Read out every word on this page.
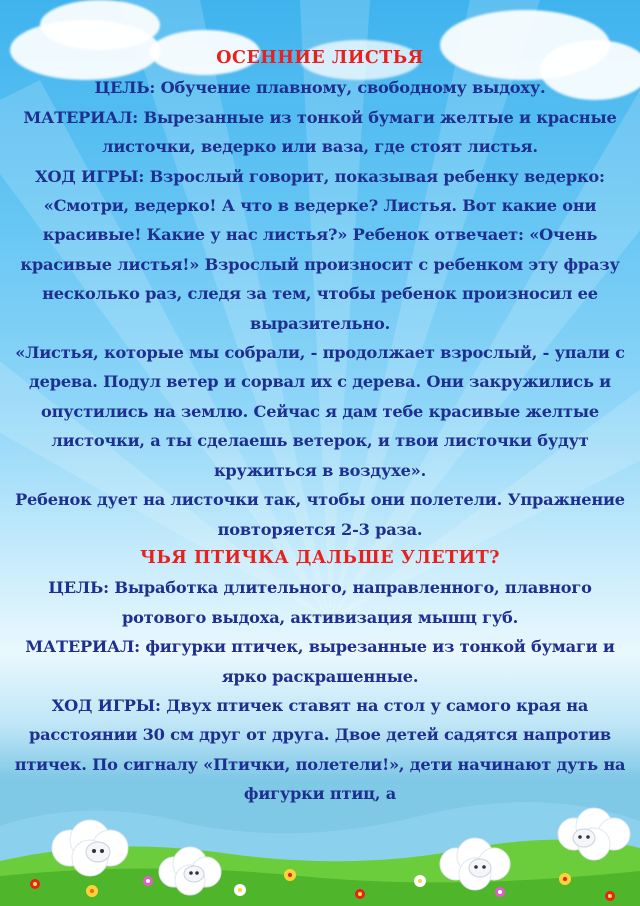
ОСЕННИЕ ЛИСТЬЯ

ЦЕЛЬ: Обучение плавному, свободному выдоху.

МАТЕРИАЛ: Вырезанные из тонкой бумаги желтые и красные листочки, ведерко или ваза, где стоят листья.

ХОД ИГРЫ: Взрослый говорит, показывая ребенку ведерко: «Смотри, ведерко! А что в ведерке? Листья. Вот какие они красивые! Какие у нас листья?» Ребенок отвечает: «Очень красивые листья!» Взрослый произносит с ребенком эту фразу несколько раз, следя за тем, чтобы ребенок произносил ее выразительно.

«Листья, которые мы собрали, - продолжает взрослый, - упали с дерева. Подул ветер и сорвал их с дерева. Они закружились и опустились на землю. Сейчас я дам тебе красивые желтые листочки, а ты сделаешь ветерок, и твои листочки будут кружиться в воздухе».

Ребенок дует на листочки так, чтобы они полетели. Упражнение повторяется 2-3 раза.

ЧЬЯ ПТИЧКА ДАЛЬШЕ УЛЕТИТ?

ЦЕЛЬ: Выработка длительного, направленного, плавного ротового выдоха, активизация мышц губ.

МАТЕРИАЛ: фигурки птичек, вырезанные из тонкой бумаги и ярко раскрашенные.

ХОД ИГРЫ: Двух птичек ставят на стол у самого края на расстоянии 30 см друг от друга. Двое детей садятся напротив птичек. По сигналу «Птички, полетели!», дети начинают дуть на фигурки птиц, а
